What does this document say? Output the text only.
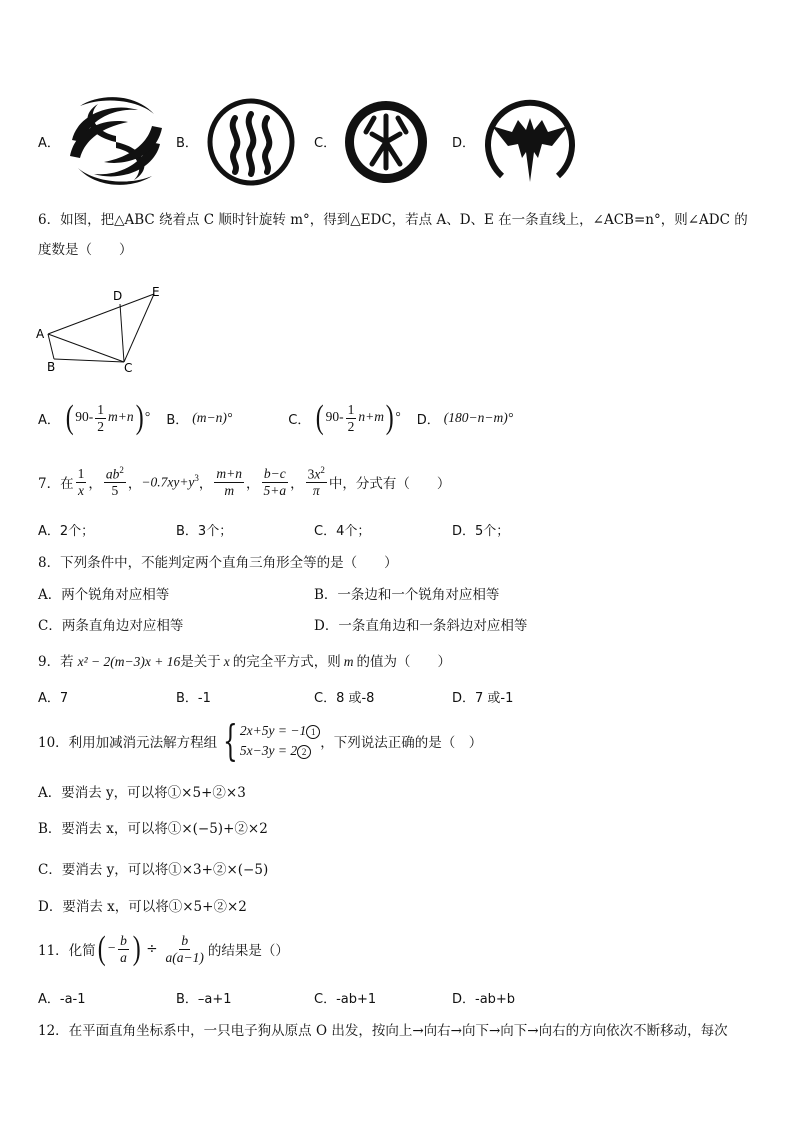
A．	B．	C．	D．
6．如图，把△ABC 绕着点 C 顺时针旋转 m°，得到△EDC，若点 A、D、E 在一条直线上，∠ACB=n°，则∠ADC 的
度数是（　　）
A
B	C
D E
A． ( $90- \frac{1}{2} m+n$) ° B． (m−n)°	C． ( $90- \frac{1}{2} n+m$) ° D． (180−n−m)°
7．在 $\frac{1}{x}$ ， $\frac{ab^2}{5}$ ， $-0.7xy+y^3$ ， $\frac{m+n}{m}$ ， $\frac{b-c}{5+a}$ ， $\frac{3x^2}{\pi}$ 中，分式有（　　）
A．2个；	B．3个；	C．4个；	D．5个；
8．下列条件中，不能判定两个直角三角形全等的是（　　）
A．两个锐角对应相等	B．一条边和一个锐角对应相等
C．两条直角边对应相等	D．一条直角边和一条斜边对应相等
9．若 x² − 2(m−3)x + 16是关于 x 的完全平方式，则 m 的值为（　　）
A．7	B．-1	C．8 或-8	D．7 或-1
10．利用加减消元法解方程组 { 2x+5y = −1 1
5x−3y = 2 2
，下列说法正确的是（　）
A．要消去 y，可以将①×5+②×3
B．要消去 x，可以将①×(−5)+②×2
C．要消去 y，可以将①×3+②×(−5)
D．要消去 x，可以将①×5+②×2
11．化简 ( − $\frac{b}{a}$ ) ÷ $\frac{b}{a(a-1)}$ 的结果是（）
A．-a-1	B．–a+1	C．-ab+1	D．-ab+b
12．在平面直角坐标系中，一只电子狗从原点 O 出发，按向上→向右→向下→向下→向右的方向依次不断移动，每次
